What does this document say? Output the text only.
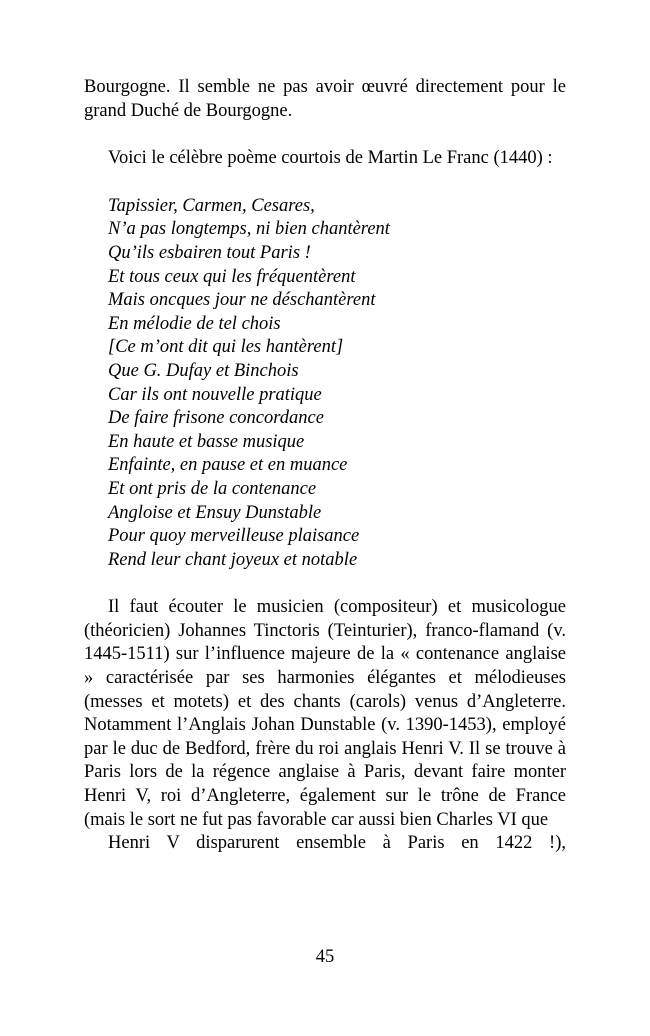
Bourgogne. Il semble ne pas avoir œuvré directement pour le grand Duché de Bourgogne.

Voici le célèbre poème courtois de Martin Le Franc (1440) :

Tapissier, Carmen, Cesares,
N’a pas longtemps, ni bien chantèrent
Qu’ils esbairen tout Paris !
Et tous ceux qui les fréquentèrent
Mais oncques jour ne déschantèrent
En mélodie de tel chois
[Ce m’ont dit qui les hantèrent]
Que G. Dufay et Binchois
Car ils ont nouvelle pratique
De faire frisone concordance
En haute et basse musique
Enfainte, en pause et en muance
Et ont pris de la contenance
Angloise et Ensuy Dunstable
Pour quoy merveilleuse plaisance
Rend leur chant joyeux et notable

Il faut écouter le musicien (compositeur) et musicologue (théoricien) Johannes Tinctoris (Teinturier), franco-flamand (v. 1445-1511) sur l’influence majeure de la « contenance anglaise » caractérisée par ses harmonies élégantes et mélodieuses (messes et motets) et des chants (carols) venus d’Angleterre. Notamment l’Anglais Johan Dunstable (v. 1390-1453), employé par le duc de Bedford, frère du roi anglais Henri V. Il se trouve à Paris lors de la régence anglaise à Paris, devant faire monter Henri V, roi d’Angleterre, également sur le trône de France (mais le sort ne fut pas favorable car aussi bien Charles VI que
Henri V disparurent ensemble à Paris en 1422 !),

45
